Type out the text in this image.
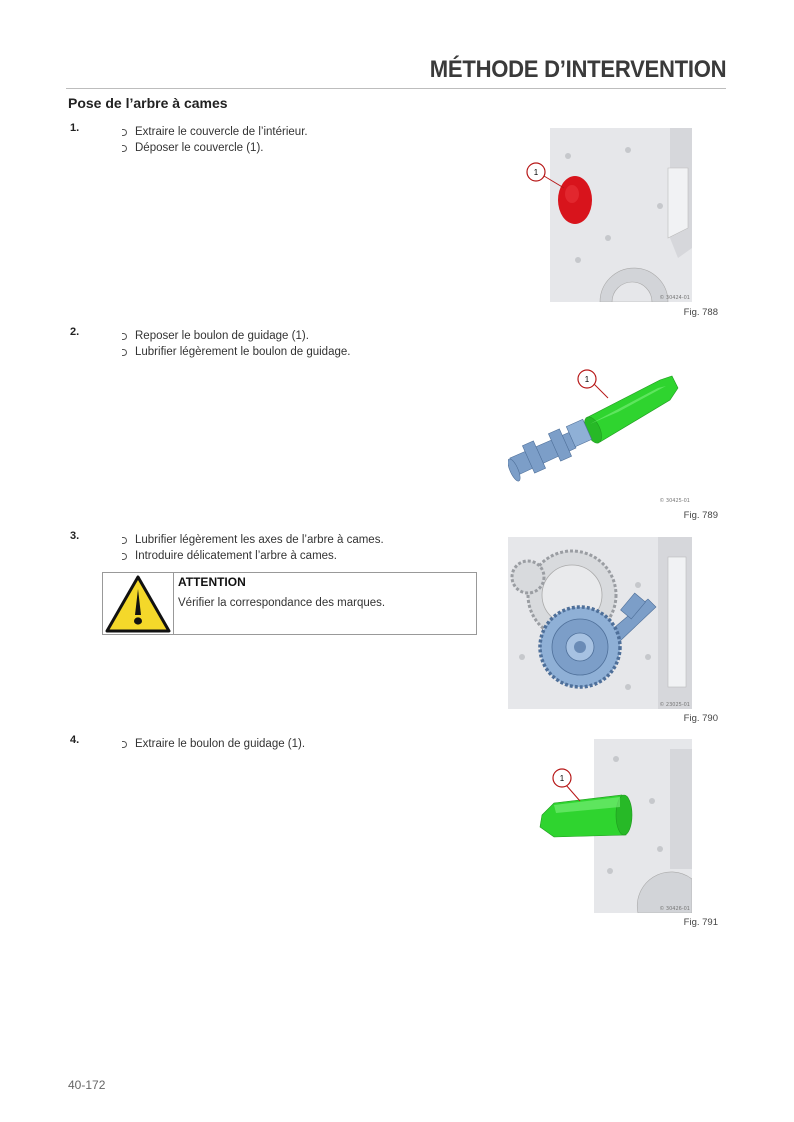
MÉTHODE D’INTERVENTION
Pose de l’arbre à cames
1.	Extraire le couvercle de l’intérieur.
Déposer le couvercle (1).
1
© 30424-01
Fig. 788
2.	Reposer le boulon de guidage (1).
Lubrifier légèrement le boulon de guidage.
1
© 30425-01
Fig. 789
3.	Lubrifier légèrement les axes de l’arbre à cames.
Introduire délicatement l’arbre à cames.
ATTENTION
Vérifier la correspondance des marques.
© 23025-01
Fig. 790
4.	Extraire le boulon de guidage (1).
1
© 30426-01
Fig. 791
40-172
